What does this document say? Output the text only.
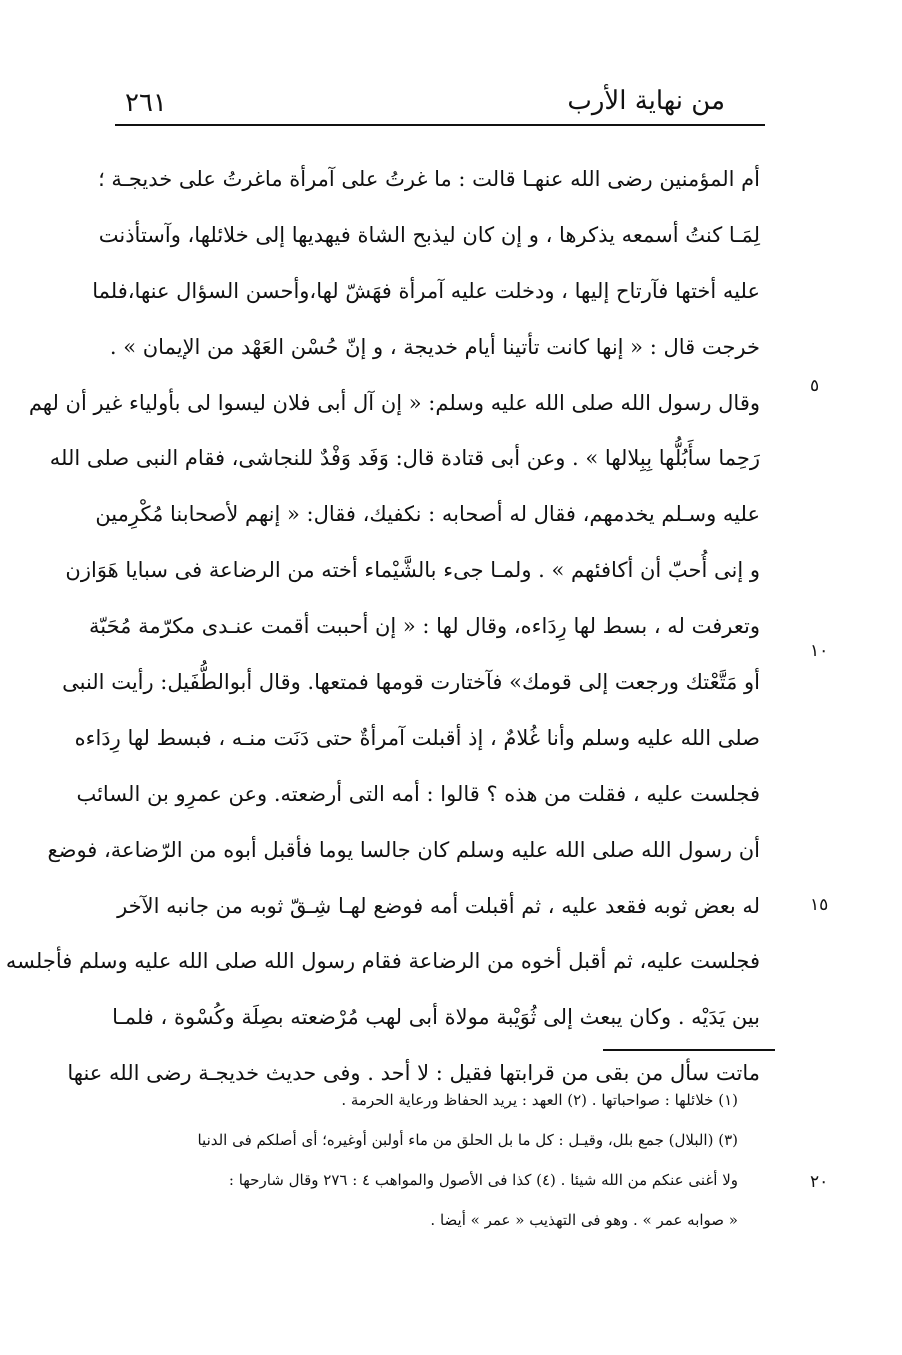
٢٦١	من نهاية الأرب
أم المؤمنين رضى الله عنهـا قالت : ما غرتُ على آمرأة ماغرتُ على خديجـة ؛
لِمَـا كنتُ أسمعه يذكرها ، و إن كان ليذبح الشاة فيهديها إلى خلائلها، وآستأذنت
عليه أختها فآرتاح إليها ، ودخلت عليه آمرأة فهَشّ لها،وأحسن السؤال عنها،فلما
خرجت قال : « إنها كانت تأتينا أيام خديجة ، و إنّ حُسْن العَهْد من الإيمان » .
وقال رسول الله صلى الله عليه وسلم: « إن آل أبى فلان ليسوا لى بأولياء غير أن لهم
رَحِما سأَبُلُّها بِبِلالها » . وعن أبى قتادة قال: وَفَد وَفْدٌ للنجاشى، فقام النبى صلى الله
عليه وسـلم يخدمهم، فقال له أصحابه : نكفيك، فقال: « إنهم لأصحابنا مُكْرِمين
و إنى أُحبّ أن أكافئهم » . ولمـا جىء بالشَّيْماء أخته من الرضاعة فى سبايا هَوَازن
وتعرفت له ، بسط لها رِدَاءه، وقال لها : « إن أحببت أقمت عنـدى مكرّمة مُحَبّة
أو مَتَّعْتك ورجعت إلى قومك» فآختارت قومها فمتعها. وقال أبوالطُّفَيل: رأيت النبى
صلى الله عليه وسلم وأنا غُلامٌ ، إذ أقبلت آمرأةٌ حتى دَنَت منـه ، فبسط لها رِدَاءه
فجلست عليه ، فقلت من هذه ؟ قالوا : أمه التى أرضعته. وعن عمرِو بن السائب
أن رسول الله صلى الله عليه وسلم كان جالسا يوما فأقبل أبوه من الرّضاعة، فوضع
له بعض ثوبه فقعد عليه ، ثم أقبلت أمه فوضع لهـا شِـقّ ثوبه من جانبه الآخر
فجلست عليه، ثم أقبل أخوه من الرضاعة فقام رسول الله صلى الله عليه وسلم فأجلسه
بين يَدَيْه . وكان يبعث إلى ثُوَيْبة مولاة أبى لهب مُرْضعته بصِلَة وكُسْوة ، فلمـا
ماتت سأل من بقى من قرابتها فقيل : لا أحد . وفى حديث خديجـة رضى الله عنها
٥
١٠
١٥
(١) خلائلها : صواحباتها . (٢) العهد : يريد الحفاظ ورعاية الحرمة .
(٣) (البلال) جمع بلل، وقيـل : كل ما بل الحلق من ماء أولبن أوغيره؛ أى أصلكم فى الدنيا
ولا أغنى عنكم من الله شيئا . (٤) كذا فى الأصول والمواهب ٤ : ٢٧٦ وقال شارحها :
« صوابه عمر » . وهو فى التهذيب « عمر » أيضا .
٢٠
